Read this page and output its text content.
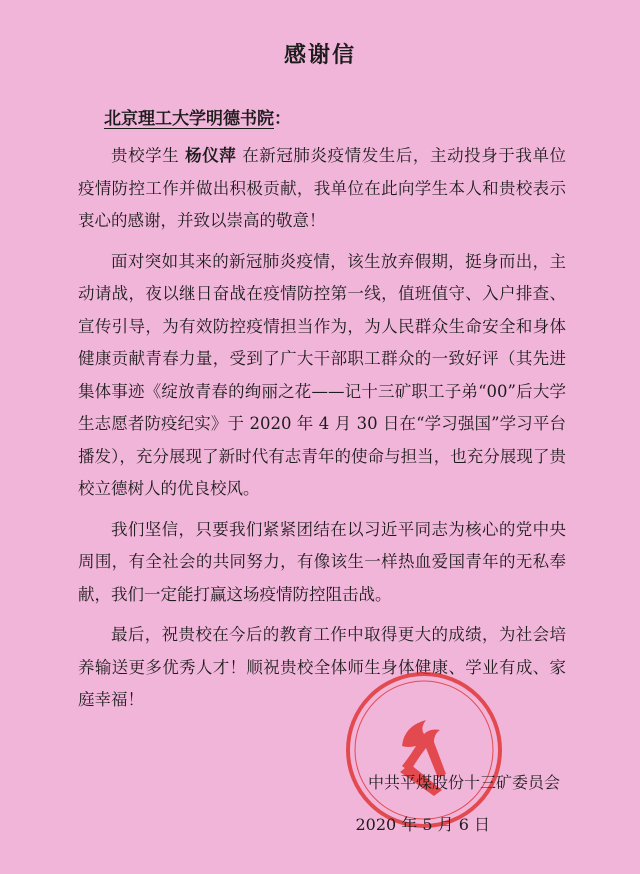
感谢信
北京理工大学明德书院：

贵校学生 杨仪萍 在新冠肺炎疫情发生后，主动投身于我单位疫情防控工作并做出积极贡献，我单位在此向学生本人和贵校表示衷心的感谢，并致以崇高的敬意！

面对突如其来的新冠肺炎疫情，该生放弃假期，挺身而出，主动请战，夜以继日奋战在疫情防控第一线，值班值守、入户排查、宣传引导，为有效防控疫情担当作为，为人民群众生命安全和身体健康贡献青春力量，受到了广大干部职工群众的一致好评（其先进集体事迹《绽放青春的绚丽之花——记十三矿职工子弟“00”后大学生志愿者防疫纪实》于 2020 年 4 月 30 日在“学习强国”学习平台播发），充分展现了新时代有志青年的使命与担当，也充分展现了贵校立德树人的优良校风。

我们坚信，只要我们紧紧团结在以习近平同志为核心的党中央周围，有全社会的共同努力，有像该生一样热血爱国青年的无私奉献，我们一定能打赢这场疫情防控阻击战。

最后，祝贵校在今后的教育工作中取得更大的成绩，为社会培养输送更多优秀人才！顺祝贵校全体师生身体健康、学业有成、家庭幸福！

中共平煤股份十三矿委员会
2020 年 5 月 6 日
